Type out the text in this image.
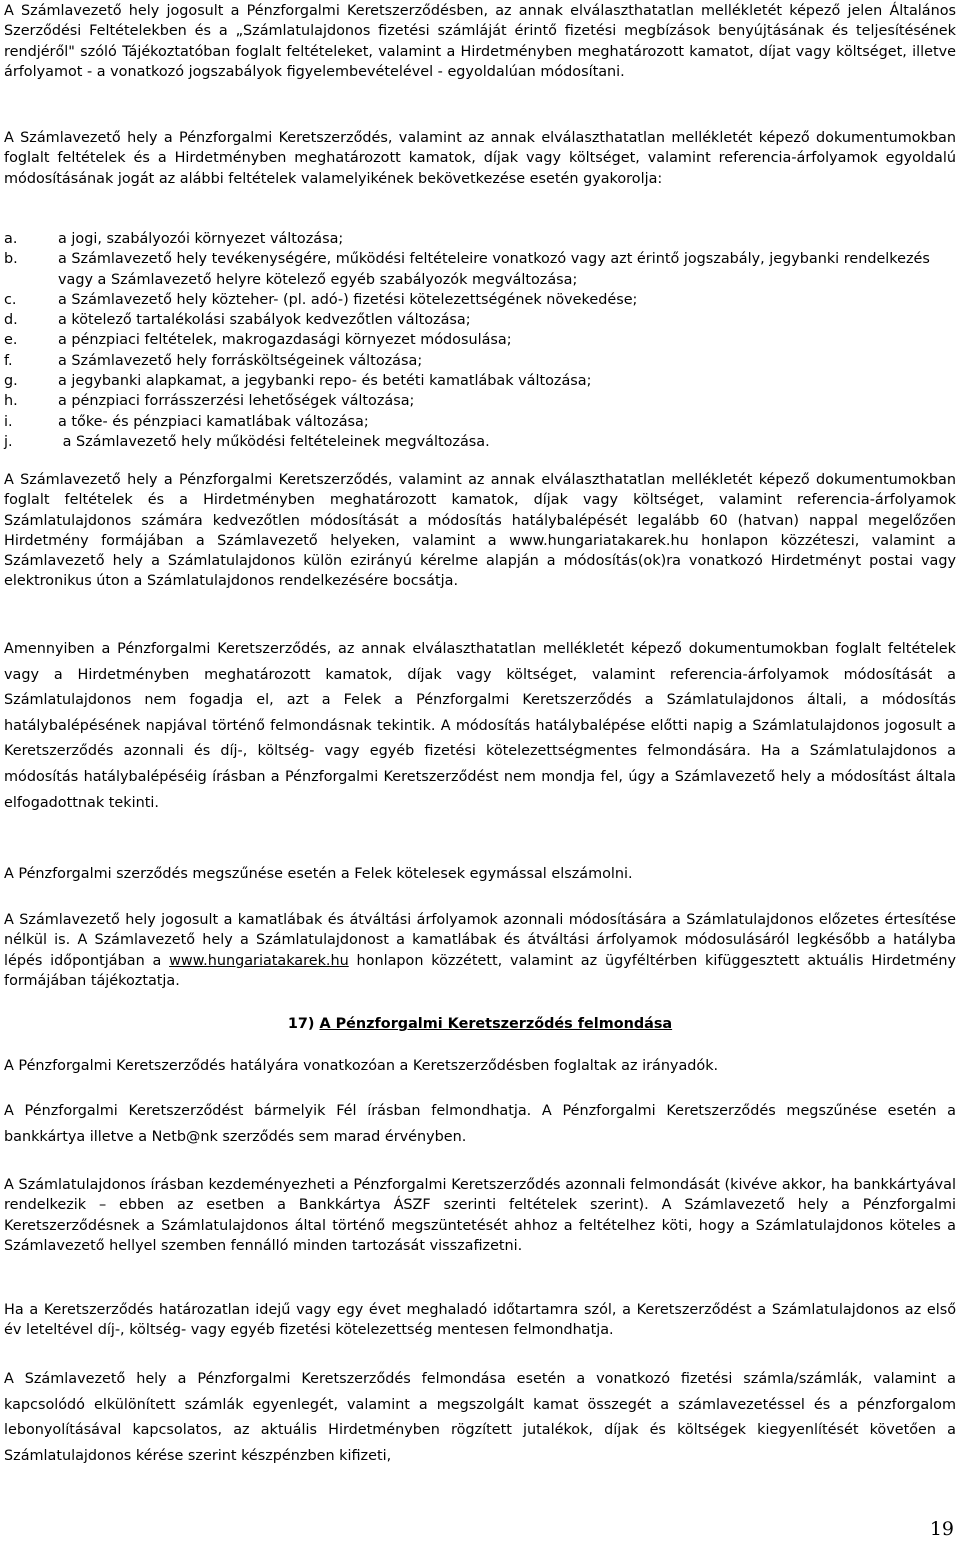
A Számlavezető hely jogosult a Pénzforgalmi Keretszerződésben, az annak elválaszthatatlan mellékletét képező jelen Általános Szerződési Feltételekben és a „Számlatulajdonos fizetési számláját érintő fizetési megbízások benyújtásának és teljesítésének rendjéről" szóló Tájékoztatóban foglalt feltételeket, valamint a Hirdetményben meghatározott kamatot, díjat vagy költséget, illetve árfolyamot - a vonatkozó jogszabályok figyelembevételével - egyoldalúan módosítani.

A Számlavezető hely a Pénzforgalmi Keretszerződés, valamint az annak elválaszthatatlan mellékletét képező dokumentumokban foglalt feltételek és a Hirdetményben meghatározott kamatok, díjak vagy költséget, valamint referencia-árfolyamok egyoldalú módosításának jogát az alábbi feltételek valamelyikének bekövetkezése esetén gyakorolja:

a.	a jogi, szabályozói környezet változása;
b.	a Számlavezető hely tevékenységére, működési feltételeire vonatkozó vagy azt érintő jogszabály, jegybanki rendelkezés vagy a Számlavezető helyre kötelező egyéb szabályozók megváltozása;
c.	a Számlavezető hely közteher- (pl. adó-) fizetési kötelezettségének növekedése;
d.	a kötelező tartalékolási szabályok kedvezőtlen változása;
e.	a pénzpiaci feltételek, makrogazdasági környezet módosulása;
f.	a Számlavezető hely forrásköltségeinek változása;
g.	a jegybanki alapkamat, a jegybanki repo- és betéti kamatlábak változása;
h.	a pénzpiaci forrásszerzési lehetőségek változása;
i.	a tőke- és pénzpiaci kamatlábak változása;
j.	a Számlavezető hely működési feltételeinek megváltozása.

A Számlavezető hely a Pénzforgalmi Keretszerződés, valamint az annak elválaszthatatlan mellékletét képező dokumentumokban foglalt feltételek és a Hirdetményben meghatározott kamatok, díjak vagy költséget, valamint referencia-árfolyamok Számlatulajdonos számára kedvezőtlen módosítását a módosítás hatálybalépését legalább 60 (hatvan) nappal megelőzően Hirdetmény formájában a Számlavezető helyeken, valamint a www.hungariatakarek.hu honlapon közzéteszi, valamint a Számlavezető hely a Számlatulajdonos külön ezirányú kérelme alapján a módosítás(ok)ra vonatkozó Hirdetményt postai vagy elektronikus úton a Számlatulajdonos rendelkezésére bocsátja.

Amennyiben a Pénzforgalmi Keretszerződés, az annak elválaszthatatlan mellékletét képező dokumentumokban foglalt feltételek vagy a Hirdetményben meghatározott kamatok, díjak vagy költséget, valamint referencia-árfolyamok módosítását a Számlatulajdonos nem fogadja el, azt a Felek a Pénzforgalmi Keretszerződés a Számlatulajdonos általi, a módosítás hatálybalépésének napjával történő felmondásnak tekintik. A módosítás hatálybalépése előtti napig a Számlatulajdonos jogosult a Keretszerződés azonnali és díj-, költség- vagy egyéb fizetési kötelezettségmentes felmondására. Ha a Számlatulajdonos a módosítás hatálybalépéséig írásban a Pénzforgalmi Keretszerződést nem mondja fel, úgy a Számlavezető hely a módosítást általa elfogadottnak tekinti.

A Pénzforgalmi szerződés megszűnése esetén a Felek kötelesek egymással elszámolni.

A Számlavezető hely jogosult a kamatlábak és átváltási árfolyamok azonnali módosítására a Számlatulajdonos előzetes értesítése nélkül is. A Számlavezető hely a Számlatulajdonost a kamatlábak és átváltási árfolyamok módosulásáról legkésőbb a hatályba lépés időpontjában a www.hungariatakarek.hu honlapon közzétett, valamint az ügyféltérben kifüggesztett aktuális Hirdetmény formájában tájékoztatja.

17) A Pénzforgalmi Keretszerződés felmondása

A Pénzforgalmi Keretszerződés hatályára vonatkozóan a Keretszerződésben foglaltak az irányadók.

A Pénzforgalmi Keretszerződést bármelyik Fél írásban felmondhatja. A Pénzforgalmi Keretszerződés megszűnése esetén a bankkártya illetve a Netb@nk szerződés sem marad érvényben.

A Számlatulajdonos írásban kezdeményezheti a Pénzforgalmi Keretszerződés azonnali felmondását (kivéve akkor, ha bankkártyával rendelkezik – ebben az esetben a Bankkártya ÁSZF szerinti feltételek szerint). A Számlavezető hely a Pénzforgalmi Keretszerződésnek a Számlatulajdonos által történő megszüntetését ahhoz a feltételhez köti, hogy a Számlatulajdonos köteles a Számlavezető hellyel szemben fennálló minden tartozását visszafizetni.

Ha a Keretszerződés határozatlan idejű vagy egy évet meghaladó időtartamra szól, a Keretszerződést a Számlatulajdonos az első év leteltével díj-, költség- vagy egyéb fizetési kötelezettség mentesen felmondhatja.

A Számlavezető hely a Pénzforgalmi Keretszerződés felmondása esetén a vonatkozó fizetési számla/számlák, valamint a kapcsolódó elkülönített számlák egyenlegét, valamint a megszolgált kamat összegét a számlavezetéssel és a pénzforgalom lebonyolításával kapcsolatos, az aktuális Hirdetményben rögzített jutalékok, díjak és költségek kiegyenlítését követően a Számlatulajdonos kérése szerint készpénzben kifizeti,

19
